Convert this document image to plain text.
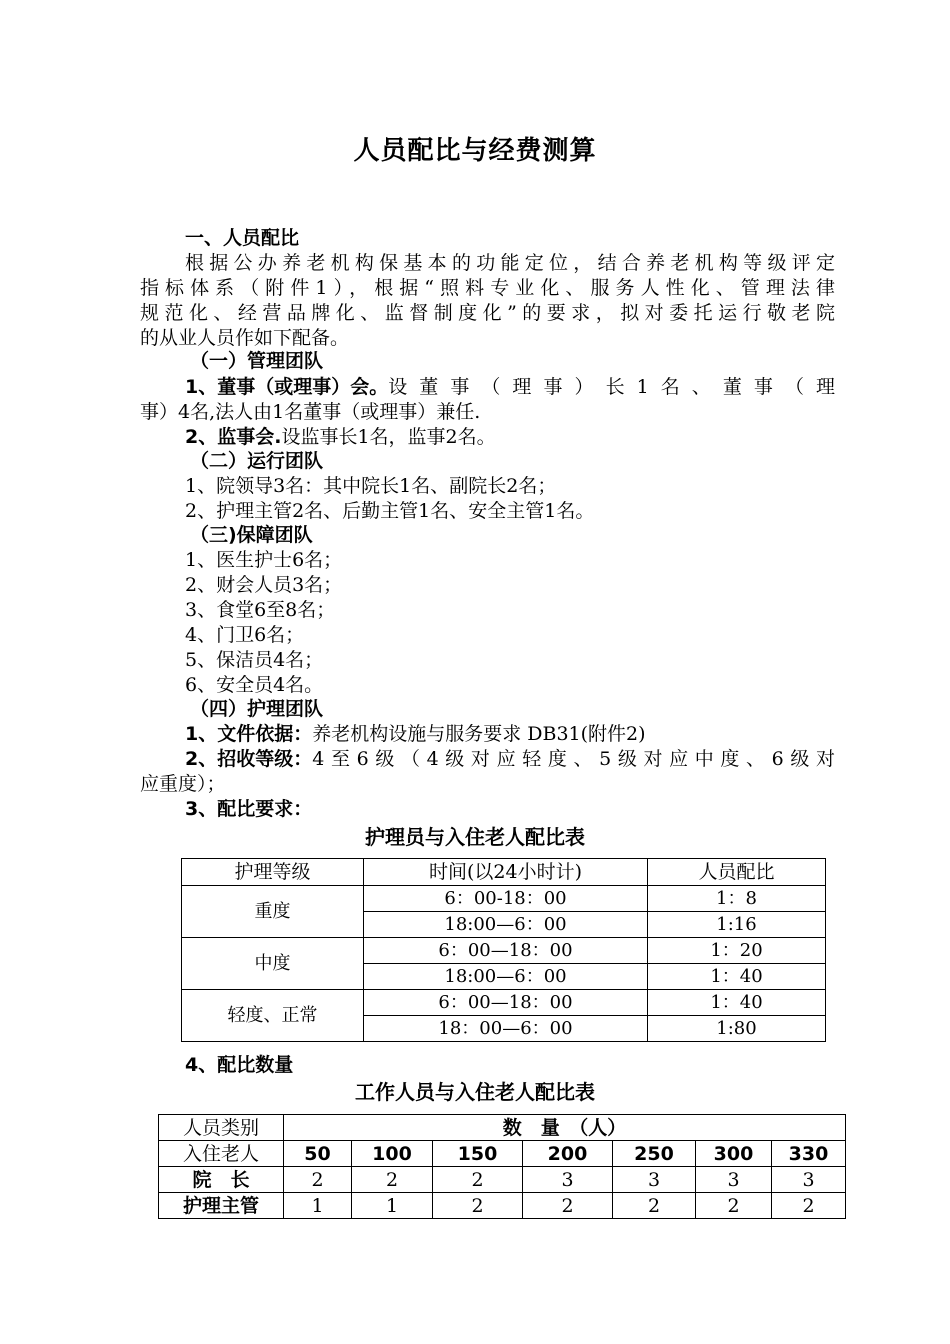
人员配比与经费测算
一、人员配比
根据公办养老机构保基本的功能定位，结合养老机构等级评定
指标体系（附件1），根据“照料专业化、服务人性化、管理法律
规范化、经营品牌化、监督制度化”的要求，拟对委托运行敬老院
的从业人员作如下配备。
（一）管理团队
1、董事（或理事）会。 设董事（理事）长1名、董事（理
事）4名,法人由1名董事（或理事）兼任.
2、监事会.设监事长1名，监事2名。
（二）运行团队
1、院领导3名：其中院长1名、副院长2名；
2、护理主管2名、后勤主管1名、安全主管1名。
（三)保障团队
1、医生护士6名；
2、财会人员3名；
3、食堂6至8名；
4、门卫6名；
5、保洁员4名；
6、安全员4名。
（四）护理团队
1、文件依据：养老机构设施与服务要求 DB31(附件2)
2、招收等级： 4至6级（4级对应轻度、5级对应中度、6级对
应重度）；
3、配比要求：
护理员与入住老人配比表
护理等级	时间(以24小时计)	人员配比
重度	6：00-18：00	1：8
	18:00—6：00	1:16
中度	6：00—18：00	1：20
	18:00—6：00	1：40
轻度、正常	6：00—18：00	1：40
	18：00—6：00	1:80
4、配比数量
工作人员与入住老人配比表
人员类别	数　量　（人）						
入住老人	50	100	150	200	250	300	330
院　长	2	2	2	3	3	3	3
护理主管	1	1	2	2	2	2	2
